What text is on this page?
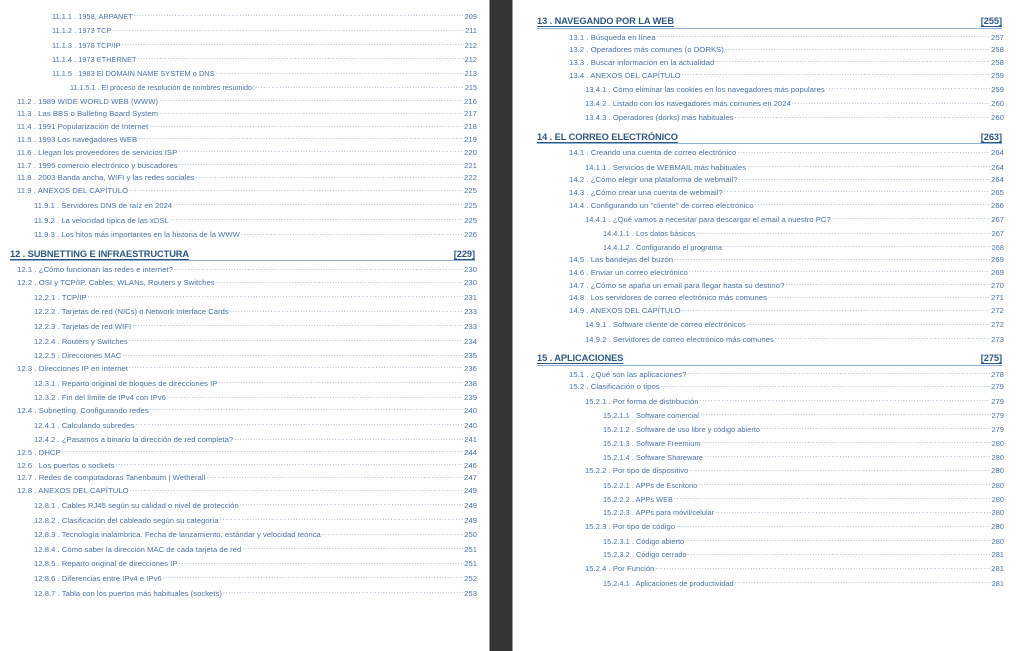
11.1.1 . 1958, ARPANET .....	209
11.1.2 . 1973 TCP .....	211
11.1.3 . 1978 TCP/IP .....	212
11.1.4 . 1973 ETHERNET .....	212
11.1.5 . 1983 El DOMAIN NAME SYSTEM o DNS .....	213
11.1.5.1 . El proceso de resolución de nombres resumido: .....	215
11.2 . 1989 WIDE WORLD WEB (WWW) .....	216
11.3 . Las BBS o Bulleting Board System .....	217
11.4 . 1991 Popularización de Internet .....	218
11.5 . 1993 Los navegadores WEB .....	219
11.6 . Llegan los proveedores de servicios ISP .....	220
11.7 . 1995 comercio electrónico y buscadores .....	221
11.8 . 2003 Banda ancha, WIFI y las redes sociales .....	222
11.9 . ANEXOS DEL CAPÍTULO .....	225
11.9.1 . Servidores DNS de raíz en 2024 .....	225
11.9.2 . La velocidad típica de las xDSL .....	225
11.9.3 . Los hitos más importantes en la historia de la WWW .....	226
12 . SUBNETTING E INFRAESTRUCTURA	[229]
12.1 . ¿Cómo funcionan las redes e internet? .....	230
12.2 . OSI y TCP/IP. Cables, WLANs, Routers y Switches .....	230
12.2.1 . TCP/IP .....	231
12.2.2 . Tarjetas de red (NICs) o Network Interface Cards .....	233
12.2.3 . Tarjetas de red WIFI .....	233
12.2.4 . Routers y Switches .....	234
12.2.5 . Direcciones MAC .....	235
12.3 . Direcciones IP en internet .....	236
12.3.1 . Reparto original de bloques de direcciones IP .....	238
12.3.2 . Fin del límite de IPv4 con IPv6 .....	239
12.4 . Subnetting. Configurando redes .....	240
12.4.1 . Calculando subredes .....	240
12.4.2 . ¿Pasamos a binario la dirección de red completa? .....	241
12.5 . DHCP .....	244
12.6 . Los puertos o sockets .....	246
12.7 . Redes de computadoras Tanenbaum | Wetherall .....	247
12.8 . ANEXOS DEL CAPÍTULO .....	249
12.8.1 . Cables RJ45 según su calidad o nivel de protección .....	249
12.8.2 . Clasificación del cableado según su categoría .....	249
12.8.3 . Tecnología inalámbrica. Fecha de lanzamiento, estándar y velocidad teórica .....	250
12.8.4 . Cómo saber la dirección MAC de cada tarjeta de red .....	251
12.8.5 . Reparto original de direcciones IP .....	251
12.8.6 . Diferencias entre IPv4 e IPv6 .....	252
12.8.7 . Tabla con los puertos más habituales (sockets) .....	253
13 . NAVEGANDO POR LA WEB	[255]
13.1 . Búsqueda en línea .....	257
13.2 . Operadores más comunes (o DORKS) .....	258
13.3 . Buscar información en la actualidad .....	258
13.4 . ANEXOS DEL CAPÍTULO .....	259
13.4.1 . Cómo eliminar las cookies en los navegadores más populares .....	259
13.4.2 . Listado con los navegadores más comunes en 2024 .....	260
13.4.3 . Operadores (dorks) más habituales .....	260
14 . EL CORREO ELECTRÓNICO	[263]
14.1 . Creando una cuenta de correo electrónico .....	264
14.1.1 . Servicios de WEBMAIL más habituales .....	264
14.2 . ¿Cómo elegir una plataforma de webmail? .....	264
14.3 . ¿Cómo crear una cuenta de webmail? .....	265
14.4 . Configurando un "cliente" de correo electrónico .....	266
14.4.1 . ¿Qué vamos a necesitar para descargar el email a nuestro PC? .....	267
14.4.1.1 . Los datos básicos .....	267
14.4.1.2 . Configurando el programa .....	268
14.5 . Las bandejas del buzón .....	269
14.6 . Enviar un correo electrónico .....	269
14.7 . ¿Cómo se apaña un email para llegar hasta su destino? .....	270
14.8 . Los servidores de correo electrónico más comunes .....	271
14.9 . ANEXOS DEL CAPÍTULO .....	272
14.9.1 . Software cliente de correo electrónicos .....	272
14.9.2 . Servidores de correo electrónico más comunes .....	273
15 . APLICACIONES	[275]
15.1 . ¿Qué son las aplicaciones? .....	278
15.2 . Clasificación o tipos .....	279
15.2.1 . Por forma de distribución .....	279
15.2.1.1 . Software comercial .....	279
15.2.1.2 . Software de uso libre y código abierto .....	279
15.2.1.3 . Software Freemium .....	280
15.2.1.4 . Software Shareware .....	280
15.2.2 . Por tipo de dispositivo .....	280
15.2.2.1 . APPs de Escritorio .....	280
15.2.2.2 . APPs WEB .....	280
15.2.2.3 . APPs para móvil/celular .....	280
15.2.3 . Por tipo de código .....	280
15.2.3.1 . Código abierto .....	280
15.2.3.2 . Código cerrado .....	281
15.2.4 . Por Función .....	281
15.2.4.1 . Aplicaciones de productividad .....	281
